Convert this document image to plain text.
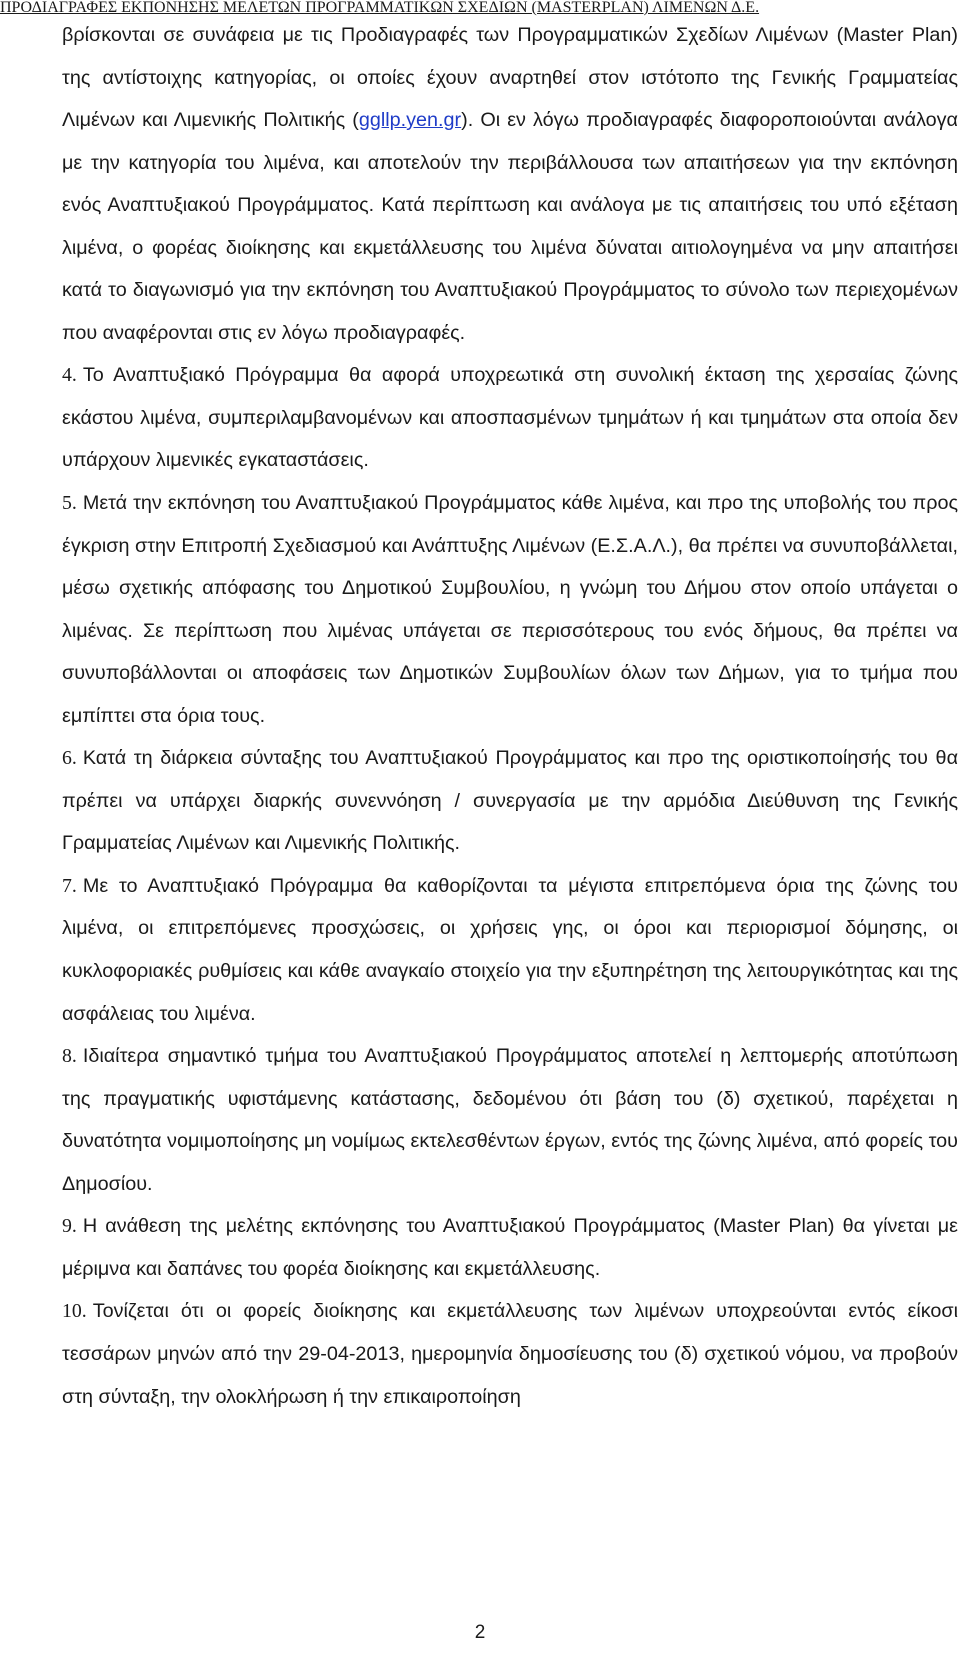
ΠΡΟΔΙΑΓΡΑΦΕΣ ΕΚΠΟΝΗΣΗΣ ΜΕΛΕΤΩΝ ΠΡΟΓΡΑΜΜΑΤΙΚΩΝ ΣΧΕΔΙΩΝ (MASTERPLAN) ΛΙΜΕΝΩΝ Δ.Ε.

βρίσκονται σε συνάφεια με τις Προδιαγραφές των Προγραμματικών Σχεδίων Λιμένων (Master Plan) της αντίστοιχης κατηγορίας, οι οποίες έχουν αναρτηθεί στον ιστότοπο της Γενικής Γραμματείας Λιμένων και Λιμενικής Πολιτικής (ggllp.yen.gr). Οι εν λόγω προδιαγραφές διαφοροποιούνται ανάλογα με την κατηγορία του λιμένα, και αποτελούν την περιβάλλουσα των απαιτήσεων για την εκπόνηση ενός Αναπτυξιακού Προγράμματος. Κατά περίπτωση και ανάλογα με τις απαιτήσεις του υπό εξέταση λιμένα, ο φορέας διοίκησης και εκμετάλλευσης του λιμένα δύναται αιτιολογημένα να μην απαιτήσει κατά το διαγωνισμό για την εκπόνηση του Αναπτυξιακού Προγράμματος το σύνολο των περιεχομένων που αναφέρονται στις εν λόγω προδιαγραφές.

4. Το Αναπτυξιακό Πρόγραμμα θα αφορά υποχρεωτικά στη συνολική έκταση της χερσαίας ζώνης εκάστου λιμένα, συμπεριλαμβανομένων και αποσπασμένων τμημάτων ή και τμημάτων στα οποία δεν υπάρχουν λιμενικές εγκαταστάσεις.

5. Μετά την εκπόνηση του Αναπτυξιακού Προγράμματος κάθε λιμένα, και προ της υποβολής του προς έγκριση στην Επιτροπή Σχεδιασμού και Ανάπτυξης Λιμένων (Ε.Σ.Α.Λ.), θα πρέπει να συνυποβάλλεται, μέσω σχετικής απόφασης του Δημοτικού Συμβουλίου, η γνώμη του Δήμου στον οποίο υπάγεται ο λιμένας. Σε περίπτωση που λιμένας υπάγεται σε περισσότερους του ενός δήμους, θα πρέπει να συνυποβάλλονται οι αποφάσεις των Δημοτικών Συμβουλίων όλων των Δήμων, για το τμήμα που εμπίπτει στα όρια τους.

6. Κατά τη διάρκεια σύνταξης του Αναπτυξιακού Προγράμματος και προ της οριστικοποίησής του θα πρέπει να υπάρχει διαρκής συνεννόηση / συνεργασία με την αρμόδια Διεύθυνση της Γενικής Γραμματείας Λιμένων και Λιμενικής Πολιτικής.

7. Με το Αναπτυξιακό Πρόγραμμα θα καθορίζονται τα μέγιστα επιτρεπόμενα όρια της ζώνης του λιμένα, οι επιτρεπόμενες προσχώσεις, οι χρήσεις γης, οι όροι και περιορισμοί δόμησης, οι κυκλοφοριακές ρυθμίσεις και κάθε αναγκαίο στοιχείο για την εξυπηρέτηση της λειτουργικότητας και της ασφάλειας του λιμένα.

8. Ιδιαίτερα σημαντικό τμήμα του Αναπτυξιακού Προγράμματος αποτελεί η λεπτομερής αποτύπωση της πραγματικής υφιστάμενης κατάστασης, δεδομένου ότι βάση του (δ) σχετικού, παρέχεται η δυνατότητα νομιμοποίησης μη νομίμως εκτελεσθέντων έργων, εντός της ζώνης λιμένα, από φορείς του Δημοσίου.

9. Η ανάθεση της μελέτης εκπόνησης του Αναπτυξιακού Προγράμματος (Master Plan) θα γίνεται με μέριμνα και δαπάνες του φορέα διοίκησης και εκμετάλλευσης.

10. Τονίζεται ότι οι φορείς διοίκησης και εκμετάλλευσης των λιμένων υποχρεούνται εντός είκοσι τεσσάρων μηνών από την 29-04-2013, ημερομηνία δημοσίευσης του (δ) σχετικού νόμου, να προβούν στη σύνταξη, την ολοκλήρωση ή την επικαιροποίηση

2
